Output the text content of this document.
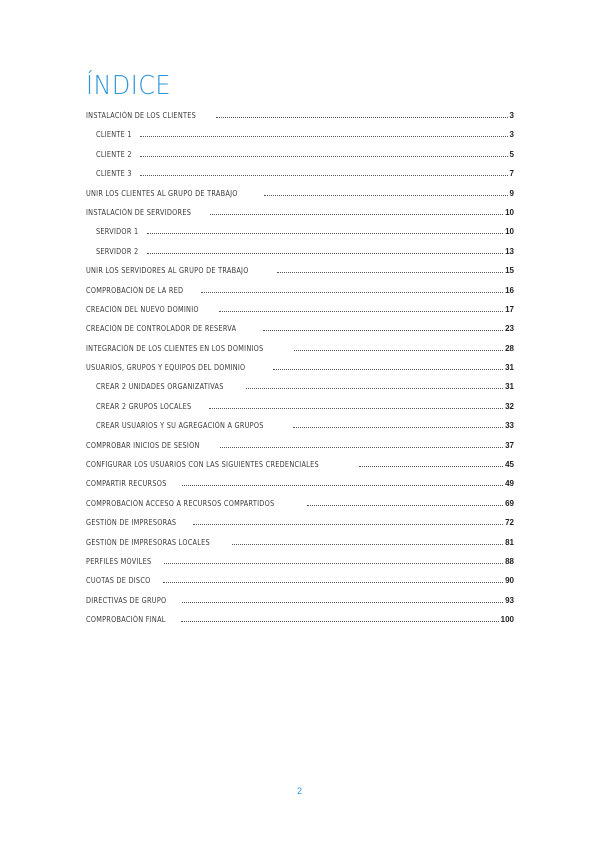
ÍNDICE
INSTALACIÓN DE LOS CLIENTES	3
CLIENTE 1	3
CLIENTE 2	5
CLIENTE 3	7
UNIR LOS CLIENTES AL GRUPO DE TRABAJO	9
INSTALACIÓN DE SERVIDORES	10
SERVIDOR 1	10
SERVIDOR 2	13
UNIR LOS SERVIDORES AL GRUPO DE TRABAJO	15
COMPROBACIÓN DE LA RED	16
CREACIÓN DEL NUEVO DOMINIO	17
CREACIÓN DE CONTROLADOR DE RESERVA	23
INTEGRACIÓN DE LOS CLIENTES EN LOS DOMINIOS	28
USUARIOS, GRUPOS Y EQUIPOS DEL DOMINIO	31
CREAR 2 UNIDADES ORGANIZATIVAS	31
CREAR 2 GRUPOS LOCALES	32
CREAR USUARIOS Y SU AGREGACIÓN A GRUPOS	33
COMPROBAR INICIOS DE SESIÓN	37
CONFIGURAR LOS USUARIOS CON LAS SIGUIENTES CREDENCIALES	45
COMPARTIR RECURSOS	49
COMPROBACIÓN ACCESO A RECURSOS COMPARTIDOS	69
GESTIÓN DE IMPRESORAS	72
GESTIÓN DE IMPRESORAS LOCALES	81
PERFILES MÓVILES	88
CUOTAS DE DISCO	90
DIRECTIVAS DE GRUPO	93
COMPROBACIÓN FINAL	100
2
